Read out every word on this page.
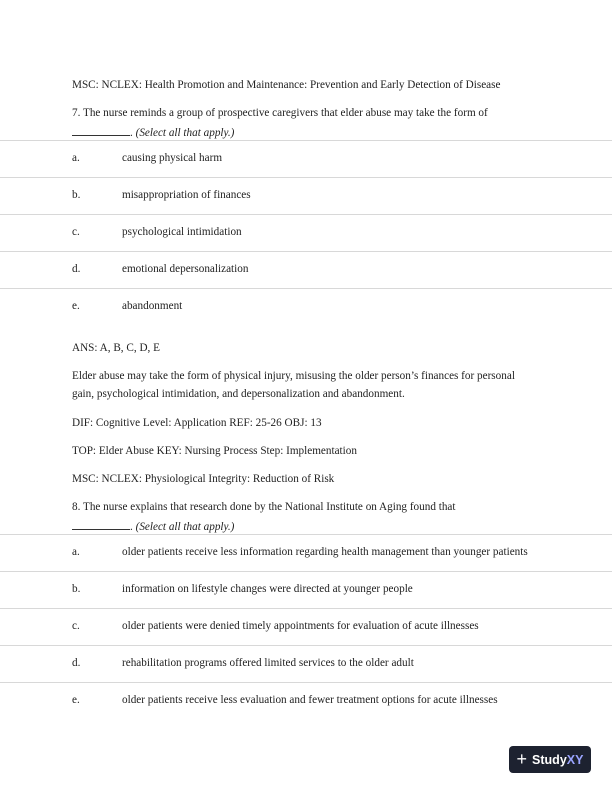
MSC: NCLEX: Health Promotion and Maintenance: Prevention and Early Detection of Disease
7. The nurse reminds a group of prospective caregivers that elder abuse may take the form of
. (Select all that apply.)
a.	causing physical harm
b.	misappropriation of finances
c.	psychological intimidation
d.	emotional depersonalization
e.	abandonment
ANS: A, B, C, D, E
Elder abuse may take the form of physical injury, misusing the older person’s finances for personal
gain, psychological intimidation, and depersonalization and abandonment.
DIF: Cognitive Level: Application REF: 25-26 OBJ: 13
TOP: Elder Abuse KEY: Nursing Process Step: Implementation
MSC: NCLEX: Physiological Integrity: Reduction of Risk
8. The nurse explains that research done by the National Institute on Aging found that
. (Select all that apply.)
a.	older patients receive less information regarding health management than younger patients
b.	information on lifestyle changes were directed at younger people
c.	older patients were denied timely appointments for evaluation of acute illnesses
d.	rehabilitation programs offered limited services to the older adult
e.	older patients receive less evaluation and fewer treatment options for acute illnesses
+ StudyXY
